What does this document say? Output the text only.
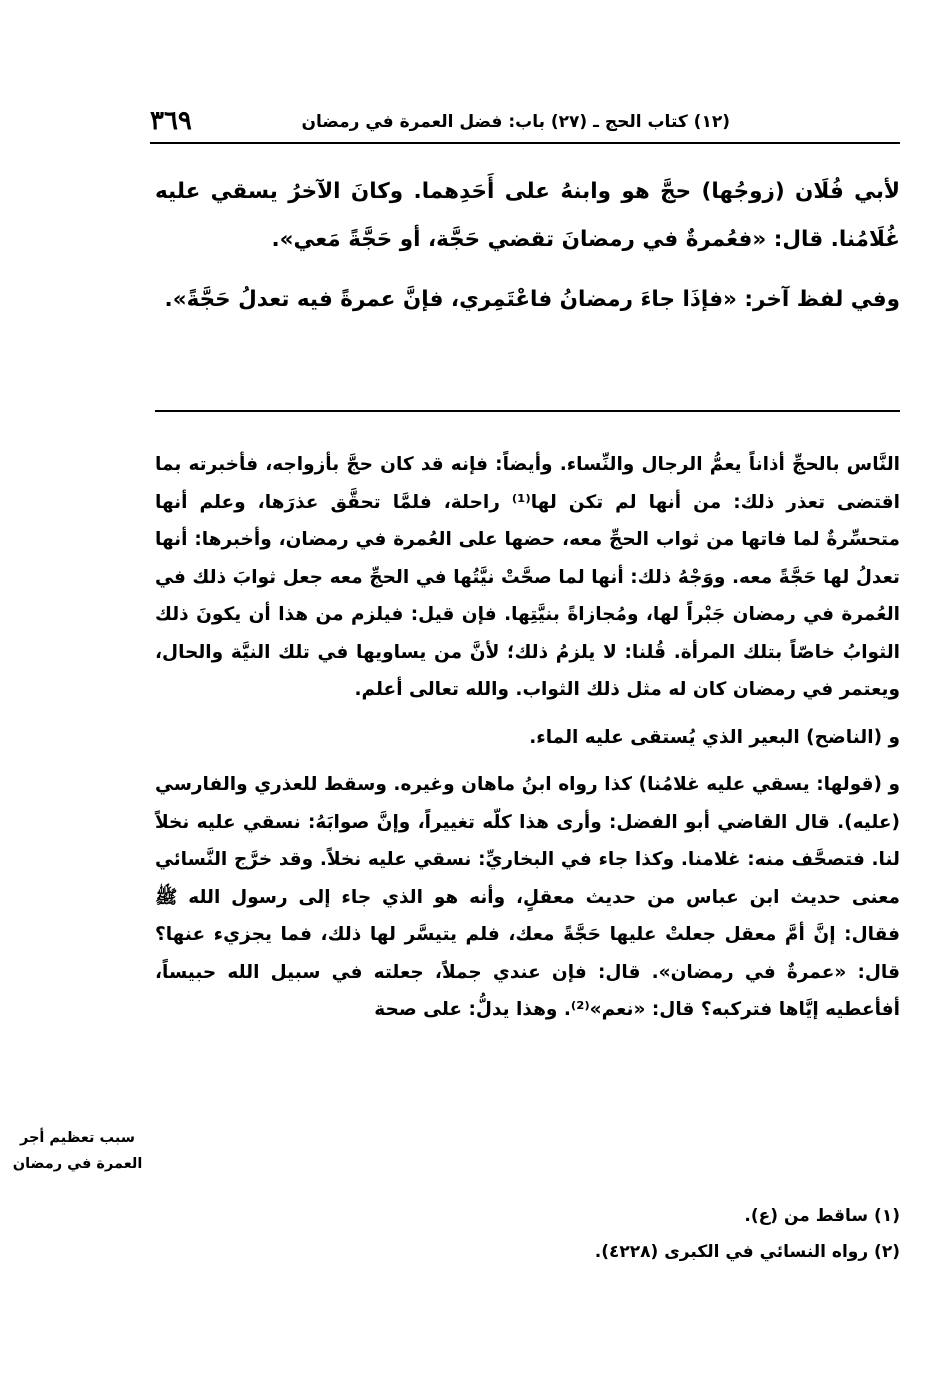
٣٦٩	(١٢) كتاب الحج ـ (٢٧) باب: فضل العمرة في رمضان

لأبي فُلَان (زوجُها) حجَّ هو وابنهُ على أَحَدِهما. وكانَ الآخرُ يسقي عليه غُلَامُنا. قال: «فعُمرةٌ في رمضانَ تقضي حَجَّة، أو حَجَّةً مَعي».

وفي لفظ آخر: «فإذَا جاءَ رمضانُ فاعْتَمِري، فإنَّ عمرةً فيه تعدلُ حَجَّةً».

النَّاس بالحجِّ أذاناً يعمُّ الرجال والنِّساء. وأيضاً: فإنه قد كان حجَّ بأزواجه، فأخبرته بما اقتضى تعذر ذلك: من أنها لم تكن لها⁽¹⁾ راحلة، فلمَّا تحقَّق عذرَها، وعلم أنها متحسِّرةٌ لما فاتها من ثواب الحجِّ معه، حضها على العُمرة في رمضان، وأخبرها: أنها تعدلُ لها حَجَّةً معه. ووَجْهُ ذلك: أنها لما صحَّتْ نيَّتُها في الحجِّ معه جعل ثوابَ ذلك في العُمرة في رمضان جَبْراً لها، ومُجازاةً بنيَّتِها. فإن قيل: فيلزم من هذا أن يكونَ ذلك الثوابُ خاصّاً بتلك المرأة. قُلنا: لا يلزمُ ذلك؛ لأنَّ من يساويها في تلك النيَّة والحال، ويعتمر في رمضان كان له مثل ذلك الثواب. والله تعالى أعلم.

و (الناضح) البعير الذي يُستقى عليه الماء.

و (قولها: يسقي عليه غلامُنا) كذا رواه ابنُ ماهان وغيره. وسقط للعذري والفارسي (عليه). قال القاضي أبو الفضل: وأرى هذا كلّه تغييراً، وإنَّ صوابَهُ: نسقي عليه نخلاً لنا. فتصحَّف منه: غلامنا. وكذا جاء في البخاريِّ: نسقي عليه نخلاً. وقد خرَّج النَّسائي معنى حديث ابن عباس من حديث معقلٍ، وأنه هو الذي جاء إلى رسول الله ﷺ فقال: إنَّ أمَّ معقل جعلتْ عليها حَجَّةً معك، فلم يتيسَّر لها ذلك، فما يجزيء عنها؟ قال: «عمرةٌ في رمضان». قال: فإن عندي جملاً، جعلته في سبيل الله حبيساً، أفأعطيه إيَّاها فتركبه؟ قال: «نعم»⁽²⁾. وهذا يدلُّ: على صحة

سبب تعظيم أجر العمرة في رمضان
(١) ساقط من (ع).
(٢) رواه النسائي في الكبرى (٤٢٢٨).
